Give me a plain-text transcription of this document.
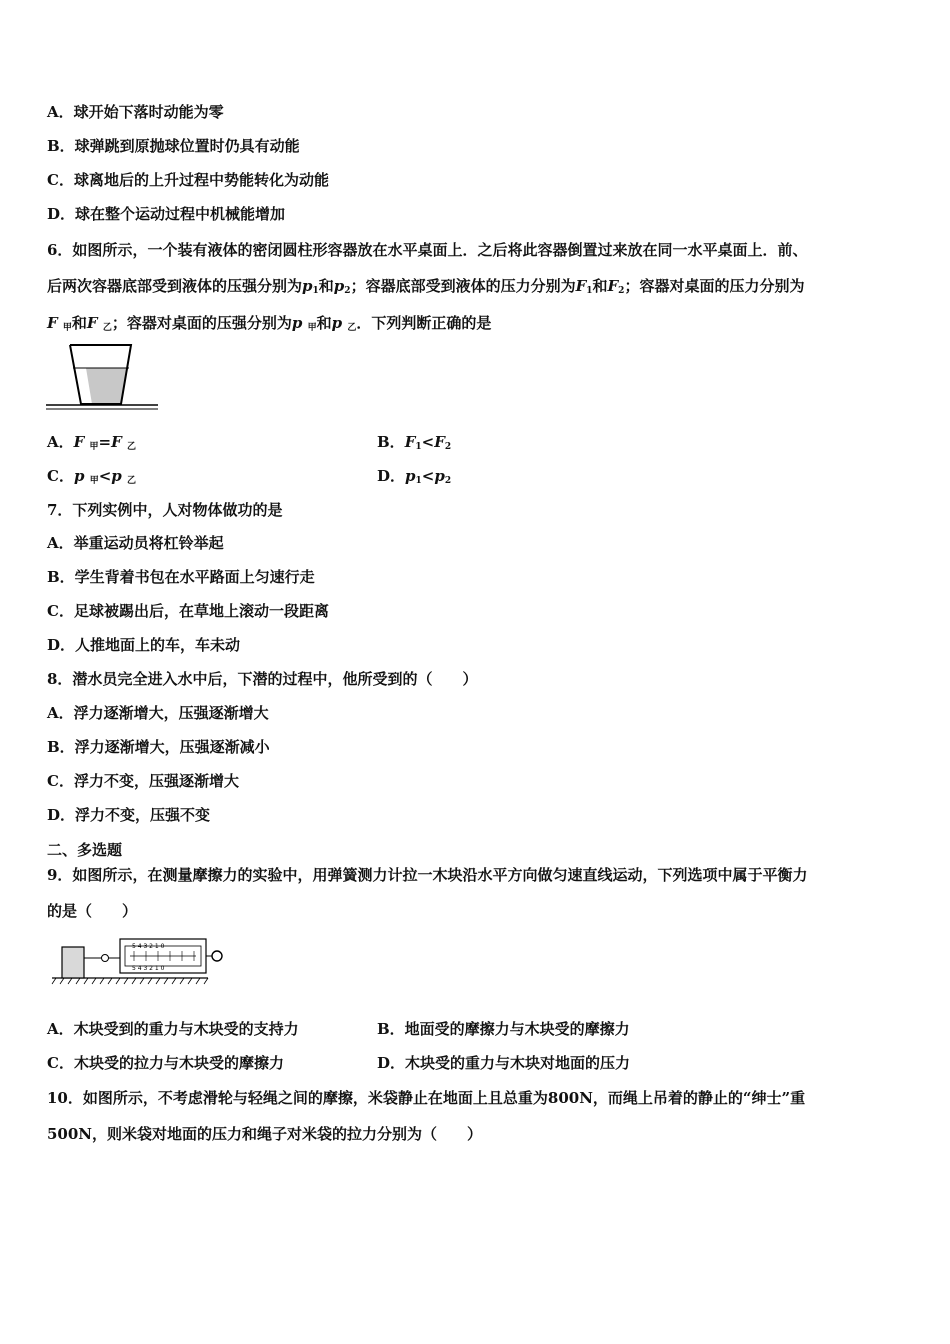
A．球开始下落时动能为零
B．球弹跳到原抛球位置时仍具有动能
C．球离地后的上升过程中势能转化为动能
D．球在整个运动过程中机械能增加
6．如图所示，一个装有液体的密闭圆柱形容器放在水平桌面上．之后将此容器倒置过来放在同一水平桌面上．前、
后两次容器底部受到液体的压强分别为$p_1$和$p_2$；容器底部受到液体的压力分别为$F_1$和$F_2$；容器对桌面的压力分别为
F $_甲$和F $_乙$；容器对桌面的压强分别为p $_甲$和p $_乙$．下列判断正确的是
A．F $_甲$=F $_乙$	B．$F_1<F_2$
C．p $_甲$<p $_乙$	D．$p_1<p_2$
7．下列实例中，人对物体做功的是
A．举重运动员将杠铃举起
B．学生背着书包在水平路面上匀速行走
C．足球被踢出后，在草地上滚动一段距离
D．人推地面上的车，车未动
8．潜水员完全进入水中后，下潜的过程中，他所受到的（　　）
A．浮力逐渐增大，压强逐渐增大
B．浮力逐渐增大，压强逐渐减小
C．浮力不变，压强逐渐增大
D．浮力不变，压强不变
二、多选题
9．如图所示，在测量摩擦力的实验中，用弹簧测力计拉一木块沿水平方向做匀速直线运动，下列选项中属于平衡力
的是（　　）
5 4 3 2 1 0
5 4 3 2 1 0
A．木块受到的重力与木块受的支持力	B．地面受的摩擦力与木块受的摩擦力
C．木块受的拉力与木块受的摩擦力	D．木块受的重力与木块对地面的压力
10．如图所示，不考虑滑轮与轻绳之间的摩擦，米袋静止在地面上且总重为800N，而绳上吊着的静止的“绅士”重
500N，则米袋对地面的压力和绳子对米袋的拉力分别为（　　）
